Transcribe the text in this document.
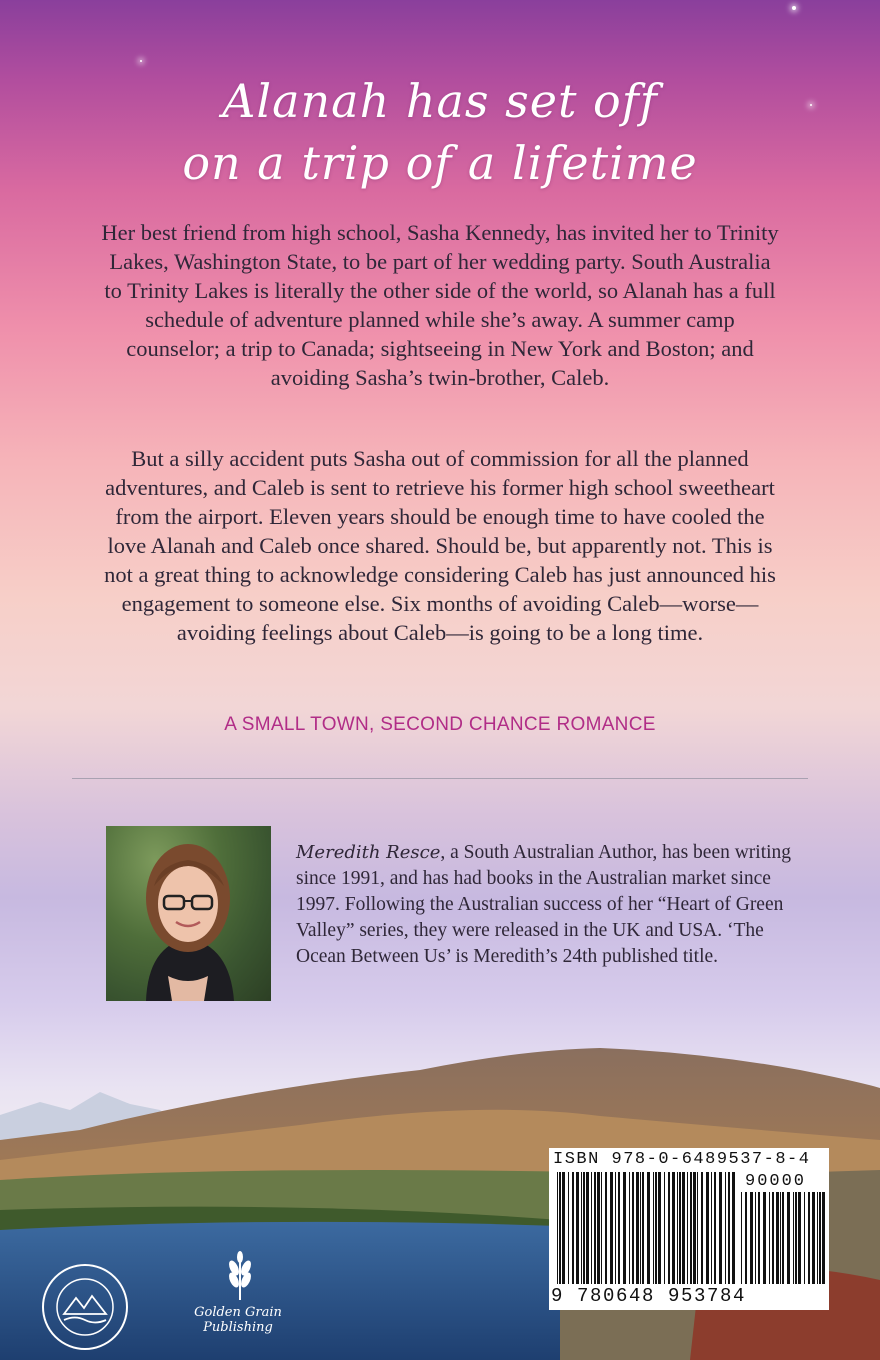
Alanah has set off
on a trip of a lifetime
Her best friend from high school, Sasha Kennedy, has invited her to Trinity Lakes, Washington State, to be part of her wedding party. South Australia to Trinity Lakes is literally the other side of the world, so Alanah has a full schedule of adventure planned while she’s away. A summer camp counselor; a trip to Canada; sightseeing in New York and Boston; and avoiding Sasha’s twin-brother, Caleb.
But a silly accident puts Sasha out of commission for all the planned adventures, and Caleb is sent to retrieve his former high school sweetheart from the airport. Eleven years should be enough time to have cooled the love Alanah and Caleb once shared. Should be, but apparently not. This is not a great thing to acknowledge considering Caleb has just announced his engagement to someone else. Six months of avoiding Caleb—worse—avoiding feelings about Caleb—is going to be a long time.
A SMALL TOWN, SECOND CHANCE ROMANCE
Meredith Resce, a South Australian Author, has been writing since 1991, and has had books in the Australian market since 1997. Following the Australian success of her “Heart of Green Valley” series, they were released in the UK and USA. ‘The Ocean Between Us’ is Meredith’s 24th published title.
Golden Grain Publishing
ISBN 978-0-6489537-8-4
90000
9 780648 953784
